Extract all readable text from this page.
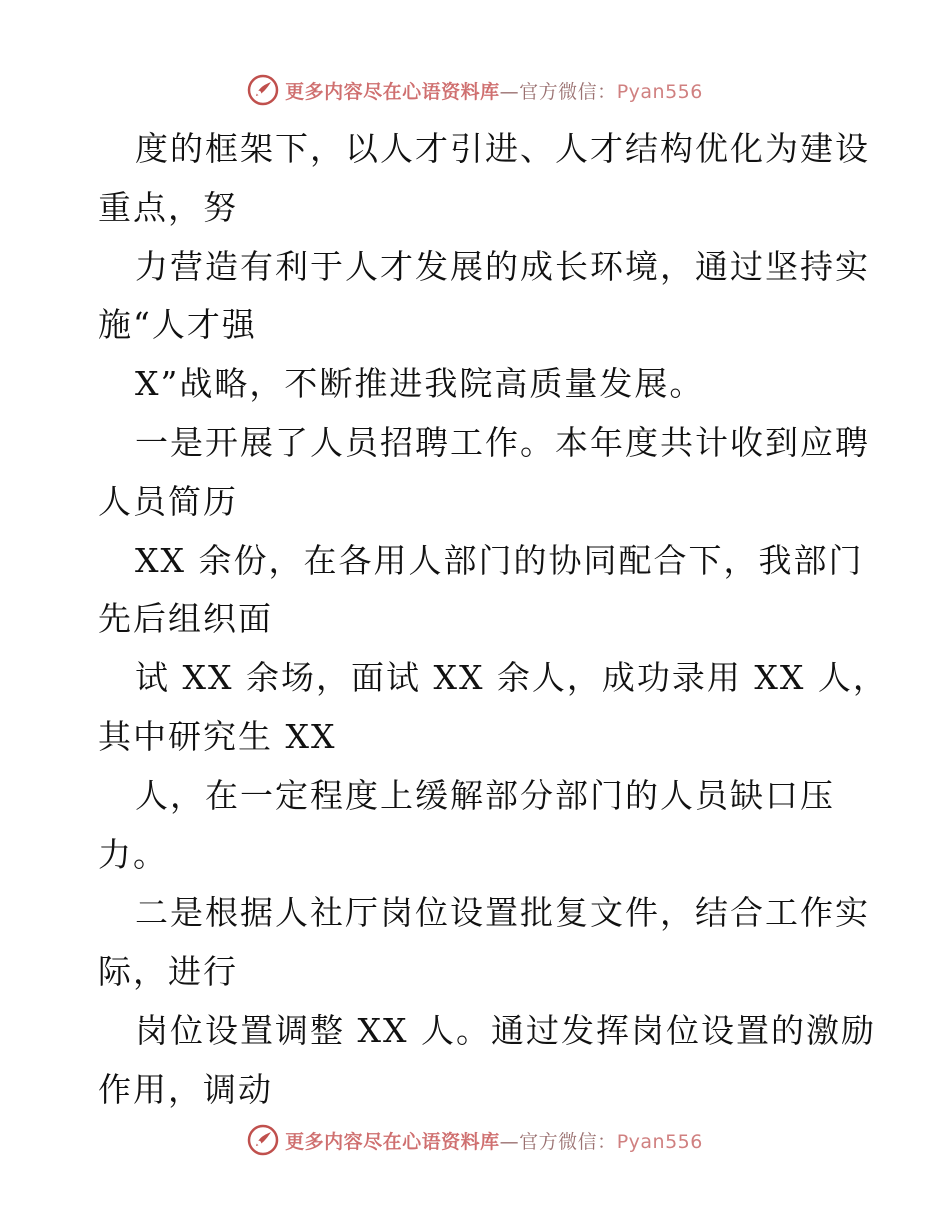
更多内容尽在心语资料库—官方微信：Pyan556
度的框架下，以人才引进、人才结构优化为建设
重点，努
力营造有利于人才发展的成长环境，通过坚持实
施“人才强
X”战略，不断推进我院高质量发展。
一是开展了人员招聘工作。本年度共计收到应聘
人员简历
XX 余份，在各用人部门的协同配合下，我部门
先后组织面
试 XX 余场，面试 XX 余人，成功录用 XX 人，
其中研究生 XX
人，在一定程度上缓解部分部门的人员缺口压
力。
二是根据人社厅岗位设置批复文件，结合工作实
际，进行
岗位设置调整 XX 人。通过发挥岗位设置的激励
作用，调动
更多内容尽在心语资料库—官方微信：Pyan556
